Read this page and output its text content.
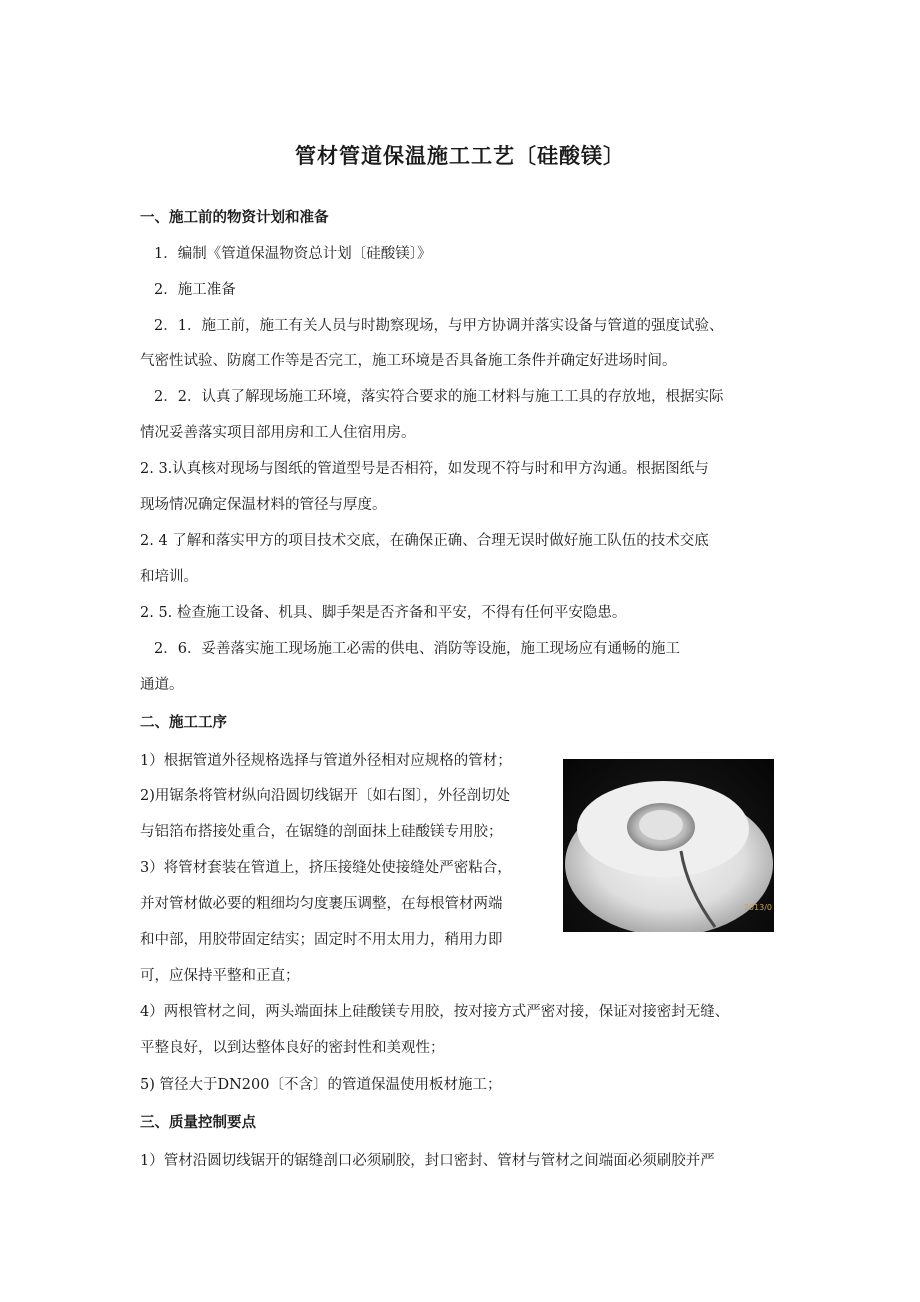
管材管道保温施工工艺〔硅酸镁〕
一、施工前的物资计划和准备
1．编制《管道保温物资总计划〔硅酸镁〕》
2．施工准备
2．1．施工前，施工有关人员与时勘察现场，与甲方协调并落实设备与管道的强度试验、
气密性试验、防腐工作等是否完工，施工环境是否具备施工条件并确定好进场时间。
2．2．认真了解现场施工环境，落实符合要求的施工材料与施工工具的存放地，根据实际
情况妥善落实项目部用房和工人住宿用房。
2. 3.认真核对现场与图纸的管道型号是否相符，如发现不符与时和甲方沟通。根据图纸与
现场情况确定保温材料的管径与厚度。
2. 4 了解和落实甲方的项目技术交底，在确保正确、合理无误时做好施工队伍的技术交底
和培训。
2. 5. 检查施工设备、机具、脚手架是否齐备和平安，不得有任何平安隐患。
2．6．妥善落实施工现场施工必需的供电、消防等设施，施工现场应有通畅的施工
通道。
二、施工工序
1）根据管道外径规格选择与管道外径相对应规格的管材；
2)用锯条将管材纵向沿圆切线锯开〔如右图〕，外径剖切处
与铝箔布搭接处重合，在锯缝的剖面抹上硅酸镁专用胶；
3）将管材套装在管道上，挤压接缝处使接缝处严密粘合，
并对管材做必要的粗细均匀度裹压调整，在每根管材两端
和中部，用胶带固定结实；固定时不用太用力，稍用力即
可，应保持平整和正直；
4）两根管材之间，两头端面抹上硅酸镁专用胶，按对接方式严密对接，保证对接密封无缝、
平整良好，以到达整体良好的密封性和美观性；
5) 管径大于DN200〔不含〕的管道保温使用板材施工；
2013/0
三、质量控制要点
1）管材沿圆切线锯开的锯缝剖口必须刷胶，封口密封、管材与管材之间端面必须刷胶并严
